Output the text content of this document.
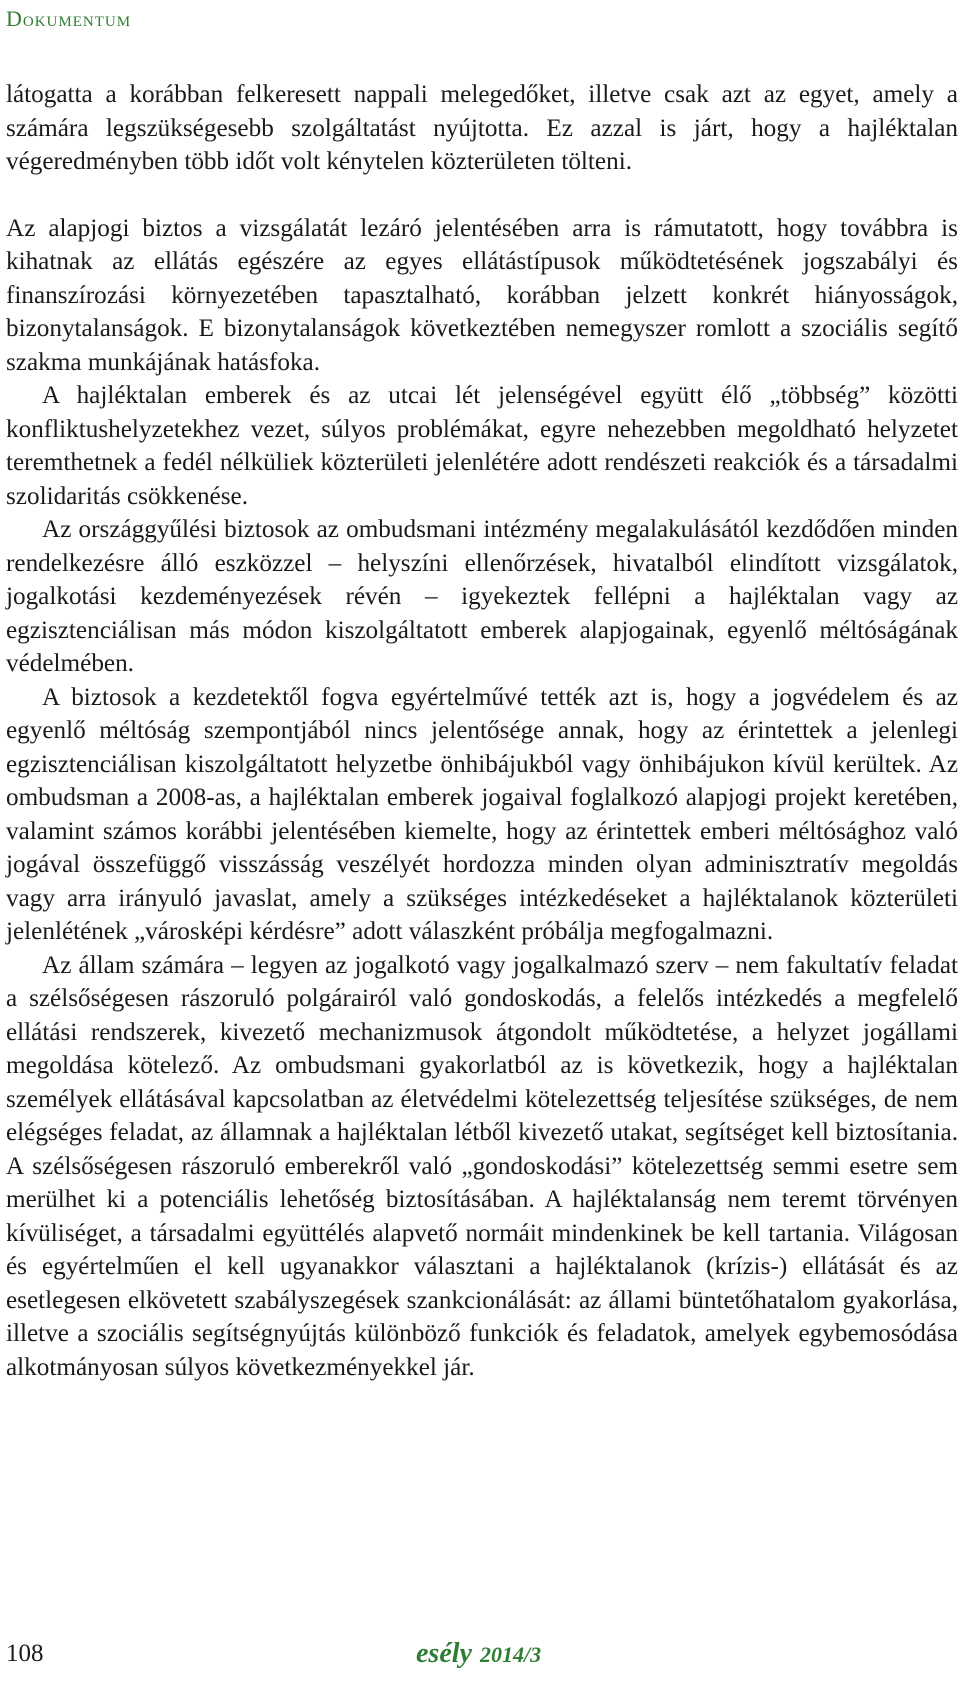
Dokumentum

látogatta a korábban felkeresett nappali melegedőket, illetve csak azt az egyet, amely a számára legszükségesebb szolgáltatást nyújtotta. Ez azzal is járt, hogy a hajléktalan végeredményben több időt volt kénytelen közterületen tölteni.

Az alapjogi biztos a vizsgálatát lezáró jelentésében arra is rámutatott, hogy továbbra is kihatnak az ellátás egészére az egyes ellátástípusok működtetésének jogszabályi és finanszírozási környezetében tapasztalható, korábban jelzett konkrét hiányosságok, bizonytalanságok. E bizonytalanságok következtében nemegyszer romlott a szociális segítő szakma munkájának hatásfoka.

A hajléktalan emberek és az utcai lét jelenségével együtt élő „többség” közötti konfliktushelyzetekhez vezet, súlyos problémákat, egyre nehezebben megoldható helyzetet teremthetnek a fedél nélküliek közterületi jelenlétére adott rendészeti reakciók és a társadalmi szolidaritás csökkenése.

Az országgyűlési biztosok az ombudsmani intézmény megalakulásától kezdődően minden rendelkezésre álló eszközzel – helyszíni ellenőrzések, hivatalból elindított vizsgálatok, jogalkotási kezdeményezések révén – igyekeztek fellépni a hajléktalan vagy az egzisztenciálisan más módon kiszolgáltatott emberek alapjogainak, egyenlő méltóságának védelmében.

A biztosok a kezdetektől fogva egyértelművé tették azt is, hogy a jogvédelem és az egyenlő méltóság szempontjából nincs jelentősége annak, hogy az érintettek a jelenlegi egzisztenciálisan kiszolgáltatott helyzetbe önhibájukból vagy önhibájukon kívül kerültek. Az ombudsman a 2008-as, a hajléktalan emberek jogaival foglalkozó alapjogi projekt keretében, valamint számos korábbi jelentésében kiemelte, hogy az érintettek emberi méltósághoz való jogával összefüggő visszásság veszélyét hordozza minden olyan adminisztratív megoldás vagy arra irányuló javaslat, amely a szükséges intézkedéseket a hajléktalanok közterületi jelenlétének „városképi kérdésre” adott válaszként próbálja megfogalmazni.

Az állam számára – legyen az jogalkotó vagy jogalkalmazó szerv – nem fakultatív feladat a szélsőségesen rászoruló polgárairól való gondoskodás, a felelős intézkedés a megfelelő ellátási rendszerek, kivezető mechanizmusok átgondolt működtetése, a helyzet jogállami megoldása kötelező. Az ombudsmani gyakorlatból az is következik, hogy a hajléktalan személyek ellátásával kapcsolatban az életvédelmi kötelezettség teljesítése szükséges, de nem elégséges feladat, az államnak a hajléktalan létből kivezető utakat, segítséget kell biztosítania. A szélsőségesen rászoruló emberekről való „gondoskodási” kötelezettség semmi esetre sem merülhet ki a potenciális lehetőség biztosításában. A hajléktalanság nem teremt törvényen kívüliséget, a társadalmi együttélés alapvető normáit mindenkinek be kell tartania. Világosan és egyértelműen el kell ugyanakkor választani a hajléktalanok (krízis-) ellátását és az esetlegesen elkövetett szabályszegések szankcionálását: az állami büntetőhatalom gyakorlása, illetve a szociális segítségnyújtás különböző funkciók és feladatok, amelyek egybemosódása alkotmányosan súlyos következményekkel jár.

108	esély 2014/3
